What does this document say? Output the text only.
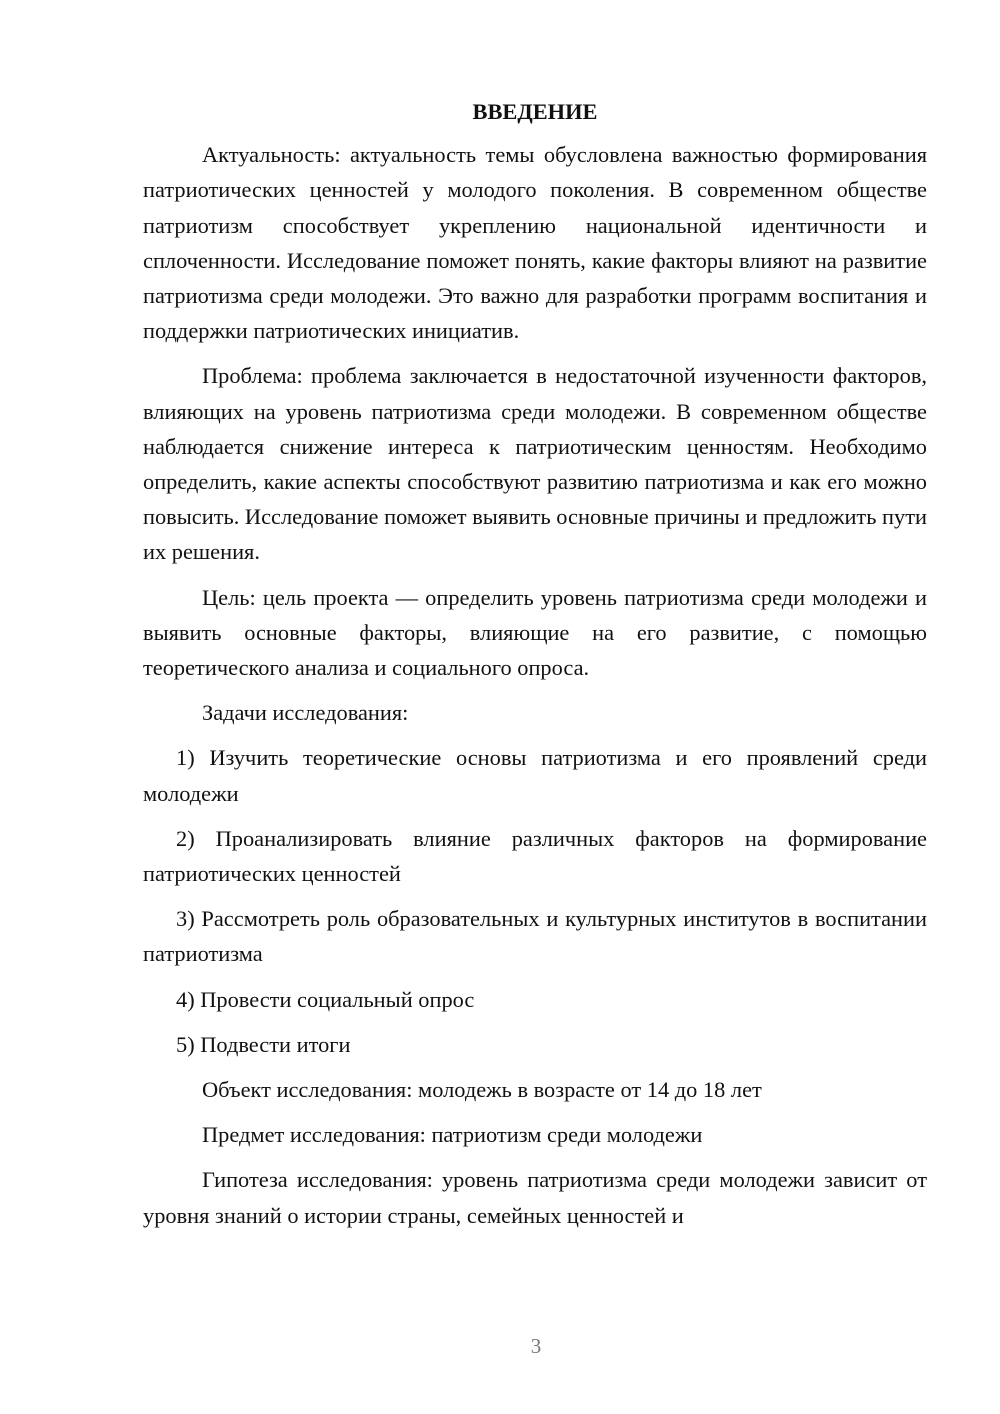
ВВЕДЕНИЕ

Актуальность: актуальность темы обусловлена важностью формирования патриотических ценностей у молодого поколения. В современном обществе патриотизм способствует укреплению национальной идентичности и сплоченности. Исследование поможет понять, какие факторы влияют на развитие патриотизма среди молодежи. Это важно для разработки программ воспитания и поддержки патриотических инициатив.

Проблема: проблема заключается в недостаточной изученности факторов, влияющих на уровень патриотизма среди молодежи. В современном обществе наблюдается снижение интереса к патриотическим ценностям. Необходимо определить, какие аспекты способствуют развитию патриотизма и как его можно повысить. Исследование поможет выявить основные причины и предложить пути их решения.

Цель: цель проекта — определить уровень патриотизма среди молодежи и выявить основные факторы, влияющие на его развитие, с помощью теоретического анализа и социального опроса.

Задачи исследования:

1) Изучить теоретические основы патриотизма и его проявлений среди молодежи

2) Проанализировать влияние различных факторов на формирование патриотических ценностей

3) Рассмотреть роль образовательных и культурных институтов в воспитании патриотизма

4) Провести социальный опрос

5) Подвести итоги

Объект исследования: молодежь в возрасте от 14 до 18 лет

Предмет исследования: патриотизм среди молодежи

Гипотеза исследования: уровень патриотизма среди молодежи зависит от уровня знаний о истории страны, семейных ценностей и

3
